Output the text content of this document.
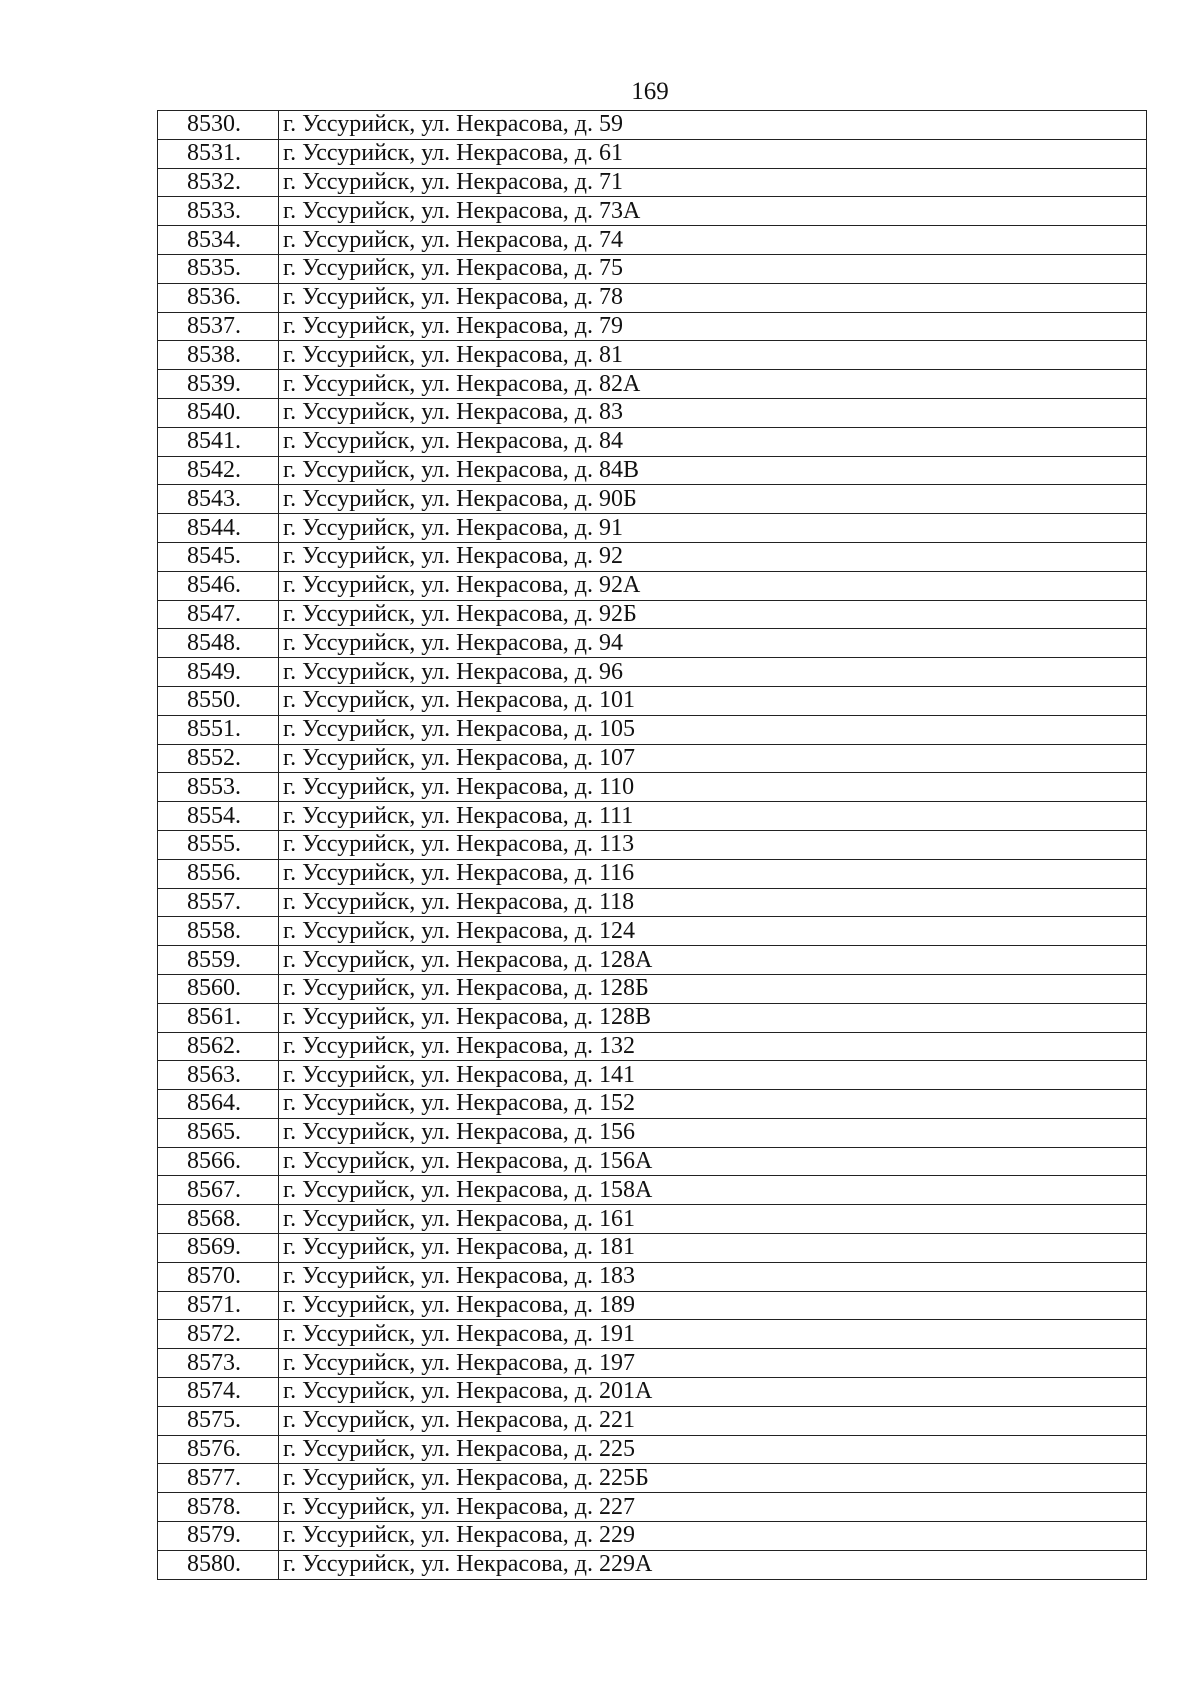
169
8530.	г. Уссурийск, ул. Некрасова, д. 59
8531.	г. Уссурийск, ул. Некрасова, д. 61
8532.	г. Уссурийск, ул. Некрасова, д. 71
8533.	г. Уссурийск, ул. Некрасова, д. 73А
8534.	г. Уссурийск, ул. Некрасова, д. 74
8535.	г. Уссурийск, ул. Некрасова, д. 75
8536.	г. Уссурийск, ул. Некрасова, д. 78
8537.	г. Уссурийск, ул. Некрасова, д. 79
8538.	г. Уссурийск, ул. Некрасова, д. 81
8539.	г. Уссурийск, ул. Некрасова, д. 82А
8540.	г. Уссурийск, ул. Некрасова, д. 83
8541.	г. Уссурийск, ул. Некрасова, д. 84
8542.	г. Уссурийск, ул. Некрасова, д. 84В
8543.	г. Уссурийск, ул. Некрасова, д. 90Б
8544.	г. Уссурийск, ул. Некрасова, д. 91
8545.	г. Уссурийск, ул. Некрасова, д. 92
8546.	г. Уссурийск, ул. Некрасова, д. 92А
8547.	г. Уссурийск, ул. Некрасова, д. 92Б
8548.	г. Уссурийск, ул. Некрасова, д. 94
8549.	г. Уссурийск, ул. Некрасова, д. 96
8550.	г. Уссурийск, ул. Некрасова, д. 101
8551.	г. Уссурийск, ул. Некрасова, д. 105
8552.	г. Уссурийск, ул. Некрасова, д. 107
8553.	г. Уссурийск, ул. Некрасова, д. 110
8554.	г. Уссурийск, ул. Некрасова, д. 111
8555.	г. Уссурийск, ул. Некрасова, д. 113
8556.	г. Уссурийск, ул. Некрасова, д. 116
8557.	г. Уссурийск, ул. Некрасова, д. 118
8558.	г. Уссурийск, ул. Некрасова, д. 124
8559.	г. Уссурийск, ул. Некрасова, д. 128А
8560.	г. Уссурийск, ул. Некрасова, д. 128Б
8561.	г. Уссурийск, ул. Некрасова, д. 128В
8562.	г. Уссурийск, ул. Некрасова, д. 132
8563.	г. Уссурийск, ул. Некрасова, д. 141
8564.	г. Уссурийск, ул. Некрасова, д. 152
8565.	г. Уссурийск, ул. Некрасова, д. 156
8566.	г. Уссурийск, ул. Некрасова, д. 156А
8567.	г. Уссурийск, ул. Некрасова, д. 158А
8568.	г. Уссурийск, ул. Некрасова, д. 161
8569.	г. Уссурийск, ул. Некрасова, д. 181
8570.	г. Уссурийск, ул. Некрасова, д. 183
8571.	г. Уссурийск, ул. Некрасова, д. 189
8572.	г. Уссурийск, ул. Некрасова, д. 191
8573.	г. Уссурийск, ул. Некрасова, д. 197
8574.	г. Уссурийск, ул. Некрасова, д. 201А
8575.	г. Уссурийск, ул. Некрасова, д. 221
8576.	г. Уссурийск, ул. Некрасова, д. 225
8577.	г. Уссурийск, ул. Некрасова, д. 225Б
8578.	г. Уссурийск, ул. Некрасова, д. 227
8579.	г. Уссурийск, ул. Некрасова, д. 229
8580.	г. Уссурийск, ул. Некрасова, д. 229А
